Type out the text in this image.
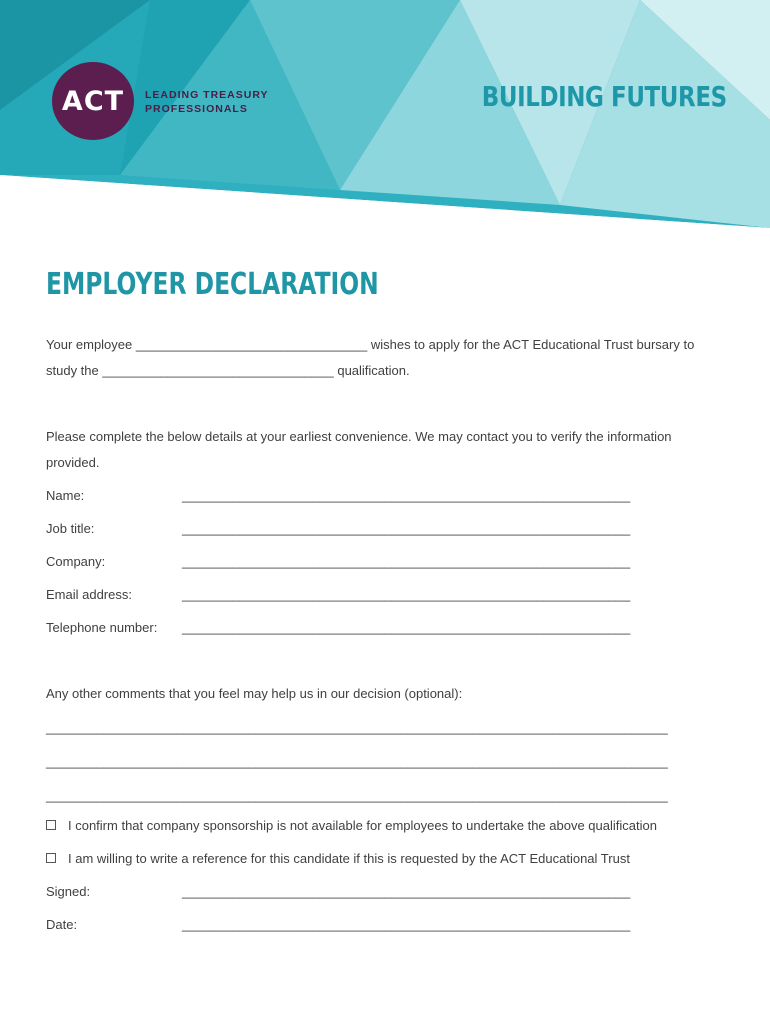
ACT LEADING TREASURY
PROFESSIONALS	BUILDING FUTURES
EMPLOYER DECLARATION
Your employee ________________________________ wishes to apply for the ACT Educational Trust bursary to
study the ________________________________ qualification.
Please complete the below details at your earliest convenience. We may contact you to verify the information
provided.
Name:	______________________________________________________________
Job title:	______________________________________________________________
Company:	______________________________________________________________
Email address:	______________________________________________________________
Telephone number: ______________________________________________________________
Any other comments that you feel may help us in our decision (optional):
______________________________________________________________________________________
______________________________________________________________________________________
______________________________________________________________________________________
I confirm that company sponsorship is not available for employees to undertake the above qualification
I am willing to write a reference for this candidate if this is requested by the ACT Educational Trust
Signed:	______________________________________________________________
Date:	______________________________________________________________
